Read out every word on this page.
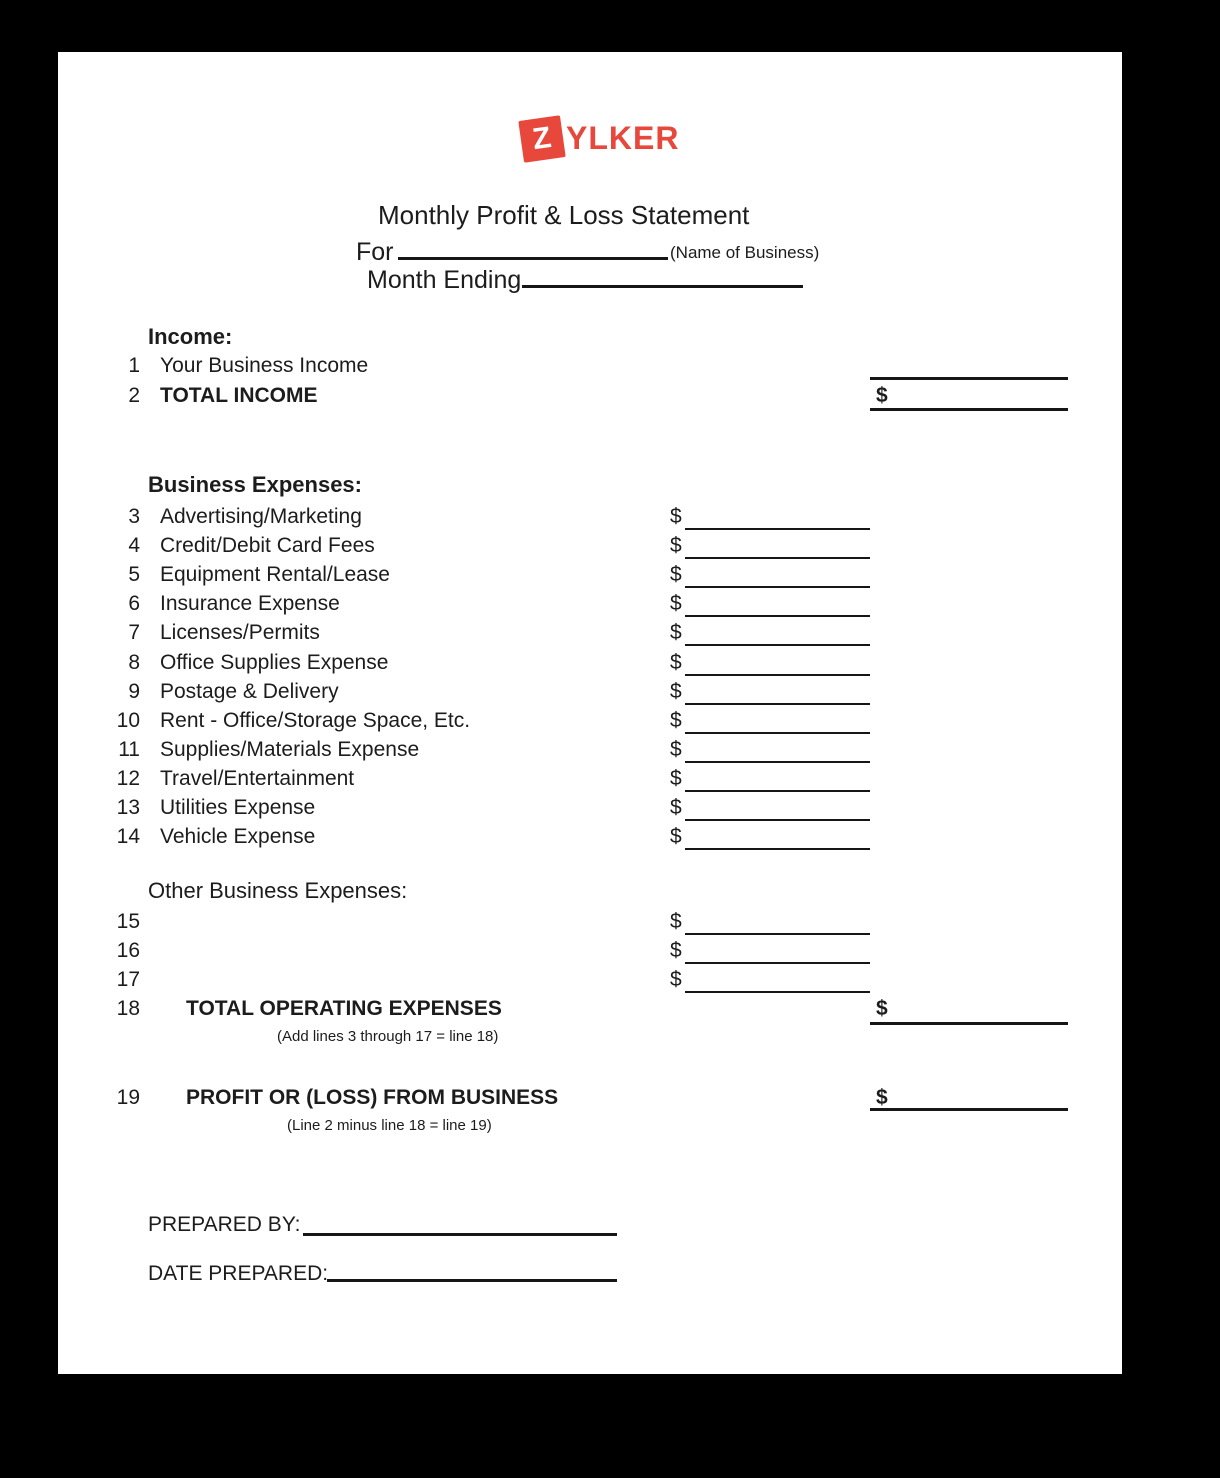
Z YLKER
Monthly Profit & Loss Statement
For	(Name of Business)
Month Ending
Income:
1 Your Business Income
2 TOTAL INCOME	$
Business Expenses:
3 Advertising/Marketing	$
4 Credit/Debit Card Fees	$
5 Equipment Rental/Lease	$
6 Insurance Expense	$
7 Licenses/Permits	$
8 Office Supplies Expense	$
9 Postage & Delivery	$
10 Rent - Office/Storage Space, Etc.	$
11 Supplies/Materials Expense	$
12 Travel/Entertainment	$
13 Utilities Expense	$
14 Vehicle Expense	$
Other Business Expenses:
15	$
16	$
17	$
18 TOTAL OPERATING EXPENSES	$
(Add lines 3 through 17 = line 18)
19 PROFIT OR (LOSS) FROM BUSINESS	$
(Line 2 minus line 18 = line 19)
PREPARED BY:
DATE PREPARED:
